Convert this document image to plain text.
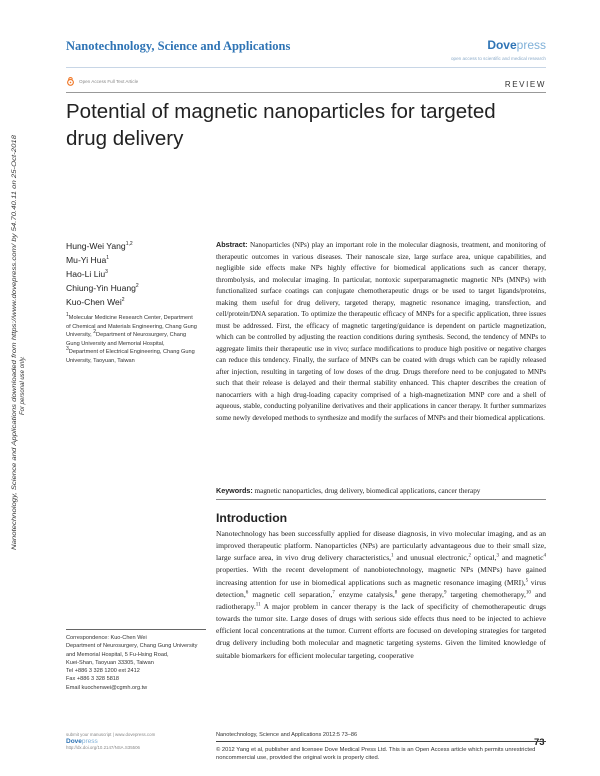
Nanotechnology, Science and Applications	Dovepress
open access to scientific and medical research
Open Access Full Text Article	REVIEW
Potential of magnetic nanoparticles for targeted
drug delivery
Nanotechnology, Science and Applications downloaded from https://www.dovepress.com/ by 54.70.40.11 on 25-Oct-2018 For personal use only.
Hung-Wei Yang$^{1,2}$
Mu-Yi Hua$^1$
Hao-Li Liu$^3$
Chiung-Yin Huang$^2$
Kuo-Chen Wei$^2$
$^1$Molecular Medicine Research Center, Department of Chemical and Materials Engineering, Chang Gung University, $^2$Department of Neurosurgery, Chang Gung University and Memorial Hospital, $^3$Department of Electrical Engineering, Chang Gung University, Taoyuan, Taiwan
Correspondence: Kuo-Chen Wei
Department of Neurosurgery, Chang Gung University and Memorial Hospital, 5 Fu-Hsing Road,
Kuei-Shan, Taoyuan 33305, Taiwan
Tel +886 3 328 1200 ext 2412
Fax +886 3 328 5818
Email kuochenwei@cgmh.org.tw
Abstract: Nanoparticles (NPs) play an important role in the molecular diagnosis, treatment, and monitoring of therapeutic outcomes in various diseases. Their nanoscale size, large surface area, unique capabilities, and negligible side effects make NPs highly effective for biomedical applications such as cancer therapy, thrombolysis, and molecular imaging. In particular, nontoxic superparamagnetic magnetic NPs (MNPs) with functionalized surface coatings can conjugate chemotherapeutic drugs or be used to target ligands/proteins, making them useful for drug delivery, targeted therapy, magnetic resonance imaging, transfection, and cell/protein/DNA separation. To optimize the therapeutic efficacy of MNPs for a specific application, three issues must be addressed. First, the efficacy of magnetic targeting/guidance is dependent on particle magnetization, which can be controlled by adjusting the reaction conditions during synthesis. Second, the tendency of MNPs to aggregate limits their therapeutic use in vivo; surface modifications to produce high positive or negative charges can reduce this tendency. Finally, the surface of MNPs can be coated with drugs which can be rapidly released after injection, resulting in targeting of low doses of the drug. Drugs therefore need to be conjugated to MNPs such that their release is delayed and their thermal stability enhanced. This chapter describes the creation of nanocarriers with a high drug-loading capacity comprised of a high-magnetization MNP core and a shell of aqueous, stable, conducting polyaniline derivatives and their applications in cancer therapy. It further summarizes some newly developed methods to synthesize and modify the surfaces of MNPs and their biomedical applications.
Keywords: magnetic nanoparticles, drug delivery, biomedical applications, cancer therapy
Introduction
Nanotechnology has been successfully applied for disease diagnosis, in vivo molecular imaging, and as an improved therapeutic platform. Nanoparticles (NPs) are particularly advantageous due to their small size, large surface area, in vivo drug delivery characteristics,$^1$ and unusual electronic,$^2$ optical,$^3$ and magnetic$^4$ properties. With the recent development of nanobiotechnology, magnetic NPs (MNPs) have gained increasing attention for use in biomedical applications such as magnetic resonance imaging (MRI),$^5$ virus detection,$^6$ magnetic cell separation,$^7$ enzyme catalysis,$^8$ gene therapy,$^9$ targeting chemotherapy,$^{10}$ and radiotherapy.$^{11}$ A major problem in cancer therapy is the lack of specificity of chemotherapeutic drugs towards the tumor site. Large doses of drugs with serious side effects thus need to be injected to achieve efficient local concentrations at the tumor. Current efforts are focused on developing strategies for targeted drug delivery including both molecular and magnetic targeting systems. Given the limited knowledge of suitable biomarkers for efficient molecular targeting, cooperative
submit your manuscript | www.dovepress.com
Dovepress
http://dx.doi.org/10.2147/NSA.S35506
Nanotechnology, Science and Applications 2012:5 73–86
73
© 2012 Yang et al, publisher and licensee Dove Medical Press Ltd. This is an Open Access article which permits unrestricted noncommercial use, provided the original work is properly cited.
